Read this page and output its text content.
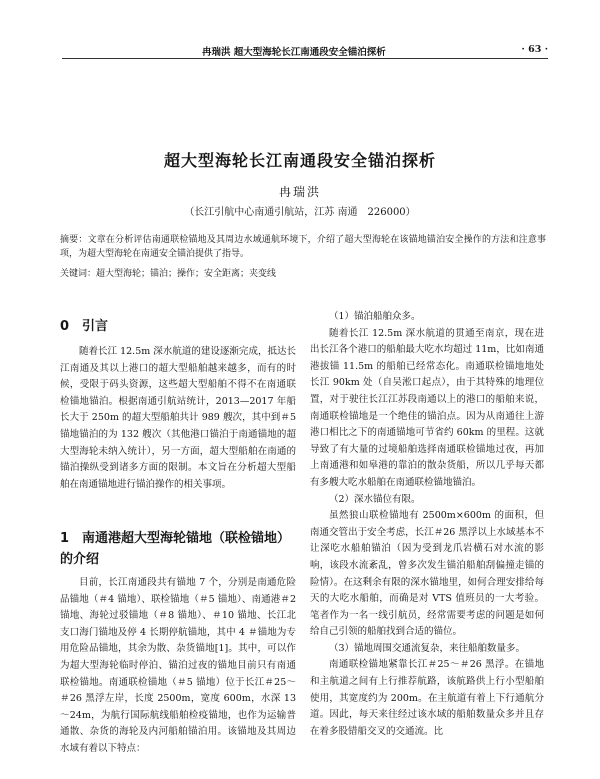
冉瑞洪 超大型海轮长江南通段安全锚泊探析	· 63 ·
超大型海轮长江南通段安全锚泊探析
冉瑞洪
（长江引航中心南通引航站，江苏 南通　226000）
摘要：文章在分析评估南通联检锚地及其周边水域通航环境下，介绍了超大型海轮在该锚地锚泊安全操作的方法和注意事项，为超大型海轮在南通安全锚泊提供了指导。
关键词：超大型海轮；锚泊；操作；安全距离；夹变线
0　引言

随着长江 12.5m 深水航道的建设逐渐完成，抵达长江南通及其以上港口的超大型船舶越来越多，而有的时候，受限于码头资源，这些超大型船舶不得不在南通联检锚地锚泊。根据南通引航站统计，2013—2017 年船长大于 250m 的超大型船舶共计 989 艘次，其中到＃5 锚地锚泊的为 132 艘次（其他港口锚泊于南通锚地的超大型海轮未纳入统计），另一方面，超大型船舶在南通的锚泊操纵受到诸多方面的限制。本文旨在分析超大型船舶在南通锚地进行锚泊操作的相关事项。

1　南通港超大型海轮锚地（联检锚地）的介绍

目前，长江南通段共有锚地 7 个，分别是南通危险品锚地（＃4 锚地）、联检锚地（＃5 锚地）、南通港＃2 锚地、海轮过驳锚地（＃8 锚地）、＃10 锚地、长江北支口海门锚地及停 4 长期停航锚地，其中 4 ＃锚地为专用危险品锚地，其余为散、杂货锚地[1]。其中，可以作为超大型海轮临时停泊、锚泊过夜的锚地目前只有南通联检锚地。南通联检锚地（＃5 锚地）位于长江＃25～＃26 黑浮左岸，长度 2500m，宽度 600m，水深 13～24m，为航行国际航线船舶检疫锚地，也作为运输普通散、杂货的海轮及内河船舶锚泊用。该锚地及其周边水域有着以下特点：

（1）锚泊船舶众多。

随着长江 12.5m 深水航道的贯通至南京，现在进出长江各个港口的船舶最大吃水均超过 11m，比如南通港拔锚 11.5m 的船舶已经常态化。南通联检锚地地处长江 90km 处（自吴淞口起点），由于其特殊的地理位置，对于驶往长江江苏段南通以上的港口的船舶来说，南通联检锚地是一个绝佳的锚泊点。因为从南通往上游港口相比之下的南通锚地可节省约 60km 的里程。这就导致了有大量的过境船舶选择南通联检锚地过夜，再加上南通港和如皋港的靠泊的散杂货船，所以几乎每天都有多艘大吃水船舶在南通联检锚地锚泊。

（2）深水锚位有限。

虽然狼山联检锚地有 2500m×600m 的面积，但南通交管出于安全考虑，长江＃26 黑浮以上水域基本不让深吃水船舶锚泊（因为受到龙爪岩横石对水流的影响，该段水流紊乱，曾多次发生锚泊船舶刮偏撞走锚的险情）。在这剩余有限的深水锚地里，如何合理安排给每天的大吃水船舶，而确是对 VTS 值班员的一大考验。笔者作为一名一线引航员，经常需要考虑的问题是如何给自己引领的船舶找到合适的锚位。

（3）锚地周围交通流复杂，来往船舶数量多。

南通联检锚地紧靠长江＃25～＃26 黑浮。在锚地和主航道之间有上行推荐航路，该航路供上行小型船舶使用，其宽度约为 200m。在主航道有着上下行通航分道。因此，每天来往经过该水域的船舶数量众多并且存在着多股错船交叉的交通流。比
